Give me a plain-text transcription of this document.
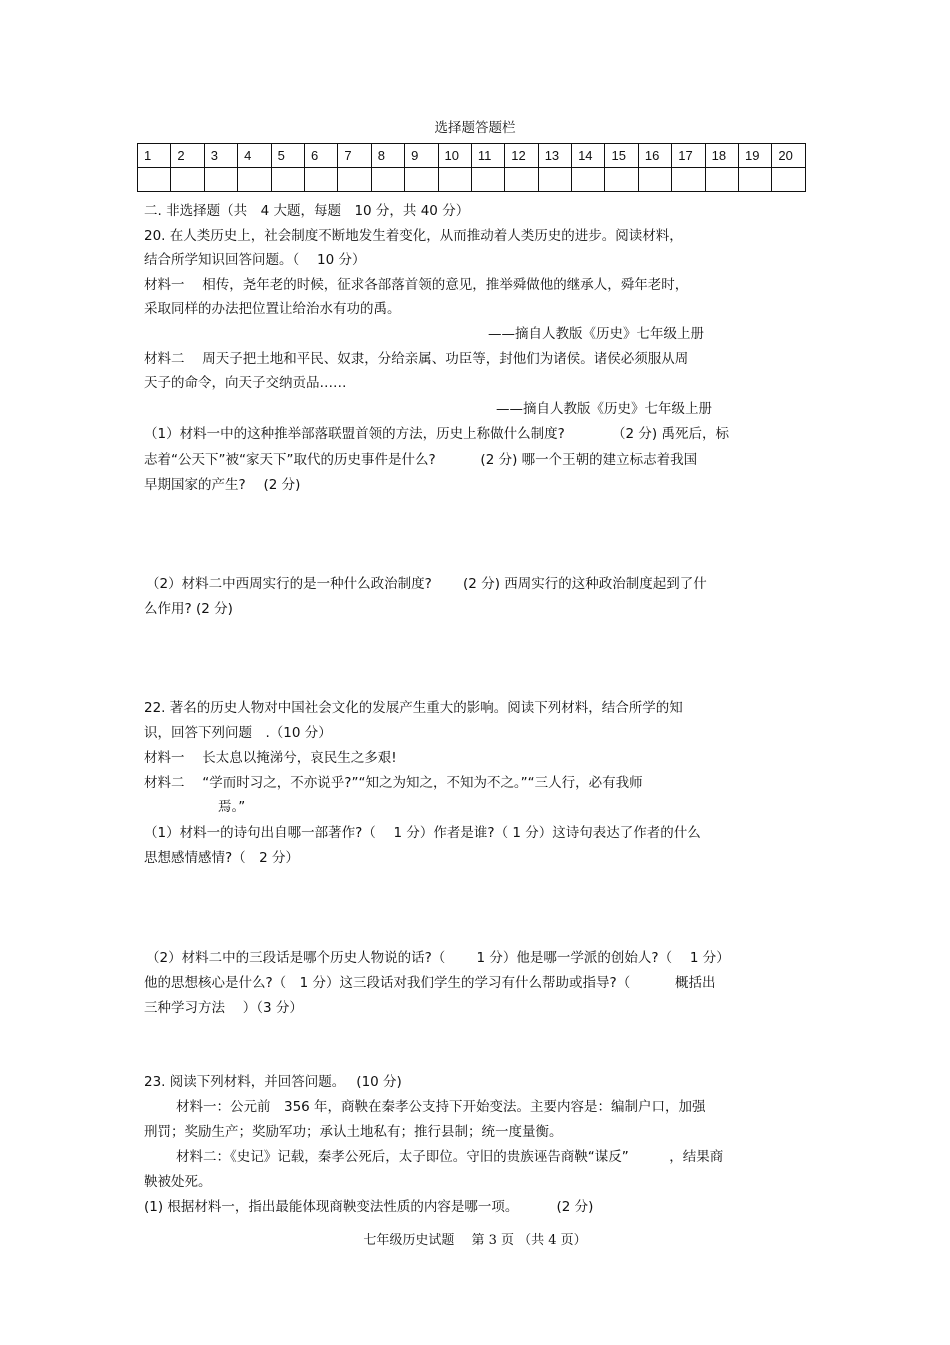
选择题答题栏
1	2	3	4	5	6	7	8	9	10	11	12	13	14	15	16	17	18	19	20

二. 非选择题（共　4 大题，每题　10 分，共 40 分）
20. 在人类历史上，社会制度不断地发生着变化，从而推动着人类历史的进步。阅读材料，
结合所学知识回答问题。（　 10 分）
材料一　 相传，尧年老的时候，征求各部落首领的意见，推举舜做他的继承人，舜年老时，
采取同样的办法把位置让给治水有功的禹。
——摘自人教版《历史》七年级上册
材料二　 周天子把土地和平民、奴隶，分给亲属、功臣等，封他们为诸侯。诸侯必须服从周
天子的命令，向天子交纳贡品……
——摘自人教版《历史》七年级上册
（1）材料一中的这种推举部落联盟首领的方法，历史上称做什么制度?　　　　（2 分) 禹死后，标
志着“公天下”被“家天下”取代的历史事件是什么?　　　 (2 分) 哪一个王朝的建立标志着我国
早期国家的产生?　 (2 分)
（2）材料二中西周实行的是一种什么政治制度?　　 (2 分) 西周实行的这种政治制度起到了什
么作用? (2 分)
22. 著名的历史人物对中国社会文化的发展产生重大的影响。阅读下列材料，结合所学的知
识，回答下列问题　.（10 分）
材料一　 长太息以掩涕兮，哀民生之多艰!
材料二　 “学而时习之，不亦说乎?”“知之为知之，不知为不之。”“三人行，必有我师
焉。”
（1）材料一的诗句出自哪一部著作?（　 1 分）作者是谁?（ 1 分）这诗句表达了作者的什么
思想感情感情?（　2 分）
（2）材料二中的三段话是哪个历史人物说的话?（　　 1 分）他是哪一学派的创始人?（　 1 分）
他的思想核心是什么?（　1 分）这三段话对我们学生的学习有什么帮助或指导?（　　　 概括出
三种学习方法　 ）（3 分）
23. 阅读下列材料，并回答问题。　 (10 分)
材料一：公元前　356 年，商鞅在秦孝公支持下开始变法。主要内容是：编制户口，加强
刑罚；奖励生产；奖励军功；承认土地私有；推行县制；统一度量衡。
材料二：《史记》记载，秦孝公死后，太子即位。守旧的贵族诬告商鞅“谋反”　　　，结果商
鞅被处死。
(1) 根据材料一，指出最能体现商鞅变法性质的内容是哪一项。　　　 (2 分)
七年级历史试题　 第 3 页 （共 4 页）
